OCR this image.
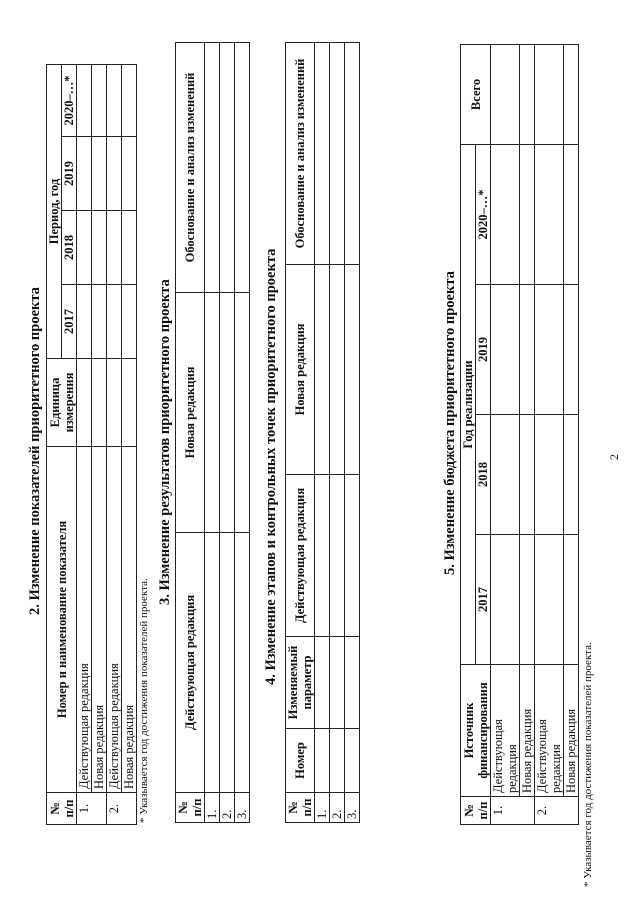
2
2. Изменение показателей приоритетного проекта
№ п/п	Номер и наименование показателя	Единица измерения	Период, год			
			2017	2018	2019	2020–…*
1.	Действующая редакция					
	Новая редакция					
2.	Действующая редакция					
	Новая редакция					* Указывается год достижения показателей проекта.
3. Изменение результатов приоритетного проекта
№ п/п	Действующая редакция	Новая редакция	Обоснование и анализ изменений
1.			
2.			
3.			
4. Изменение этапов и контрольных точек приоритетного проекта
№ п/п	Номер	Изменяемый параметр	Действующая редакция	Новая редакция	Обоснование и анализ изменений
1.					
2.					
3.					
5. Изменение бюджета приоритетного проекта
№ п/п	Источник финансирования	Год реализации				Всего
		2017	2018	2019	2020–…*	
1.	Действующая редакция					
	Новая редакция					
2.	Действующая редакция					
	Новая редакция					* Указывается год достижения показателей проекта.
